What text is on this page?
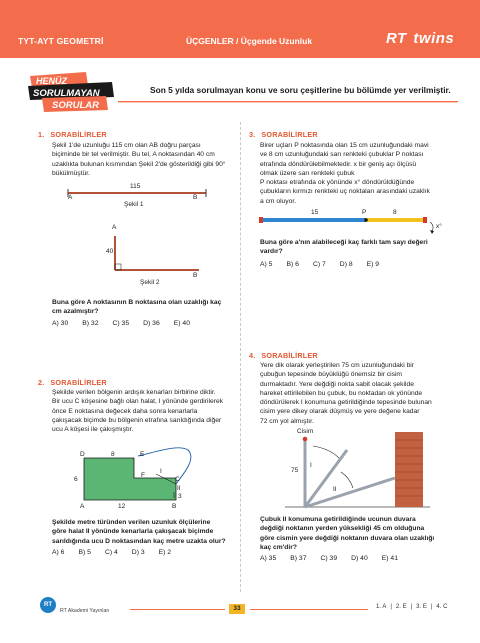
TYT-AYT GEOMETRİ	ÜÇGENLER / Üçgende Uzunluk	RT twins
HENÜZ
SORULMAYAN
SORULAR
Son 5 yılda sorulmayan konu ve soru çeşitlerine bu bölümde yer verilmiştir.
1. SORABİLİRLER
Şekil 1'de uzunluğu 115 cm olan AB doğru parçası
biçiminde bir tel verilmiştir. Bu tel, A noktasından 40 cm
uzaklıkta bulunan kısmından Şekil 2'de gösterildiği gibi 90°
bükülmüştür.
115
A	B
Şekil 1
A
40
B
Şekil 2
Buna göre A noktasının B noktasına olan uzaklığı kaç
cm azalmıştır?
A) 30 B) 32 C) 35 D) 36 E) 40
2. SORABİLİRLER
Şekilde verilen bölgenin ardışık kenarları birbirine diktir.
Bir ucu C köşesine bağlı olan halat, I yönünde gerdirilerek
önce E noktasına değecek daha sonra kenarlarla
çakışacak biçimde bu bölgenin etrafına sarıldığında diğer
ucu A köşesi ile çakışmıştır.
D	8	E
F
I
C
II
6
3
A	12	B
Şekilde metre türünden verilen uzunluk ölçülerine
göre halat II yönünde kenarlarla çakışacak biçimde
sarıldığında ucu D noktasından kaç metre uzakta olur?
A) 6 B) 5 C) 4 D) 3 E) 2
3. SORABİLİRLER
Birer uçları P noktasında olan 15 cm uzunluğundaki mavi
ve 8 cm uzunluğundaki sarı renkteki çubuklar P noktası
etrafında döndürülebilmektedir. x bir geniş açı ölçüsü
olmak üzere sarı renkteki çubuk
P noktası etrafında ok yönünde x° döndürüldüğünde
çubukların kırmızı renkteki uç noktaları arasındaki uzaklık
a cm oluyor.
15	P	8
x°
Buna göre a'nın alabileceği kaç farklı tam sayı değeri
vardır?
A) 5 B) 6 C) 7 D) 8 E) 9
4. SORABİLİRLER
Yere dik olarak yerleştirilen 75 cm uzunluğundaki bir
çubuğun tepesinde büyüklüğü önemsiz bir cisim
durmaktadır. Yere değdiği nokta sabit olacak şekilde
hareket ettirilebilen bu çubuk, bu noktadan ok yönünde
döndürülerek I konumuna getirildiğinde tepesinde bulunan
cisim yere dikey olarak düşmüş ve yere değene kadar
72 cm yol almıştır.
Cisim
75
I
II
Çubuk II konumuna getirildiğinde ucunun duvara
değdiği noktanın yerden yüksekliği 45 cm olduğuna
göre cismin yere değdiği noktanın duvara olan uzaklığı
kaç cm'dir?
A) 35 B) 37 C) 39 D) 40 E) 41
RT
RT Akademi Yayınları	33	1. A | 2. E | 3. E | 4. C
